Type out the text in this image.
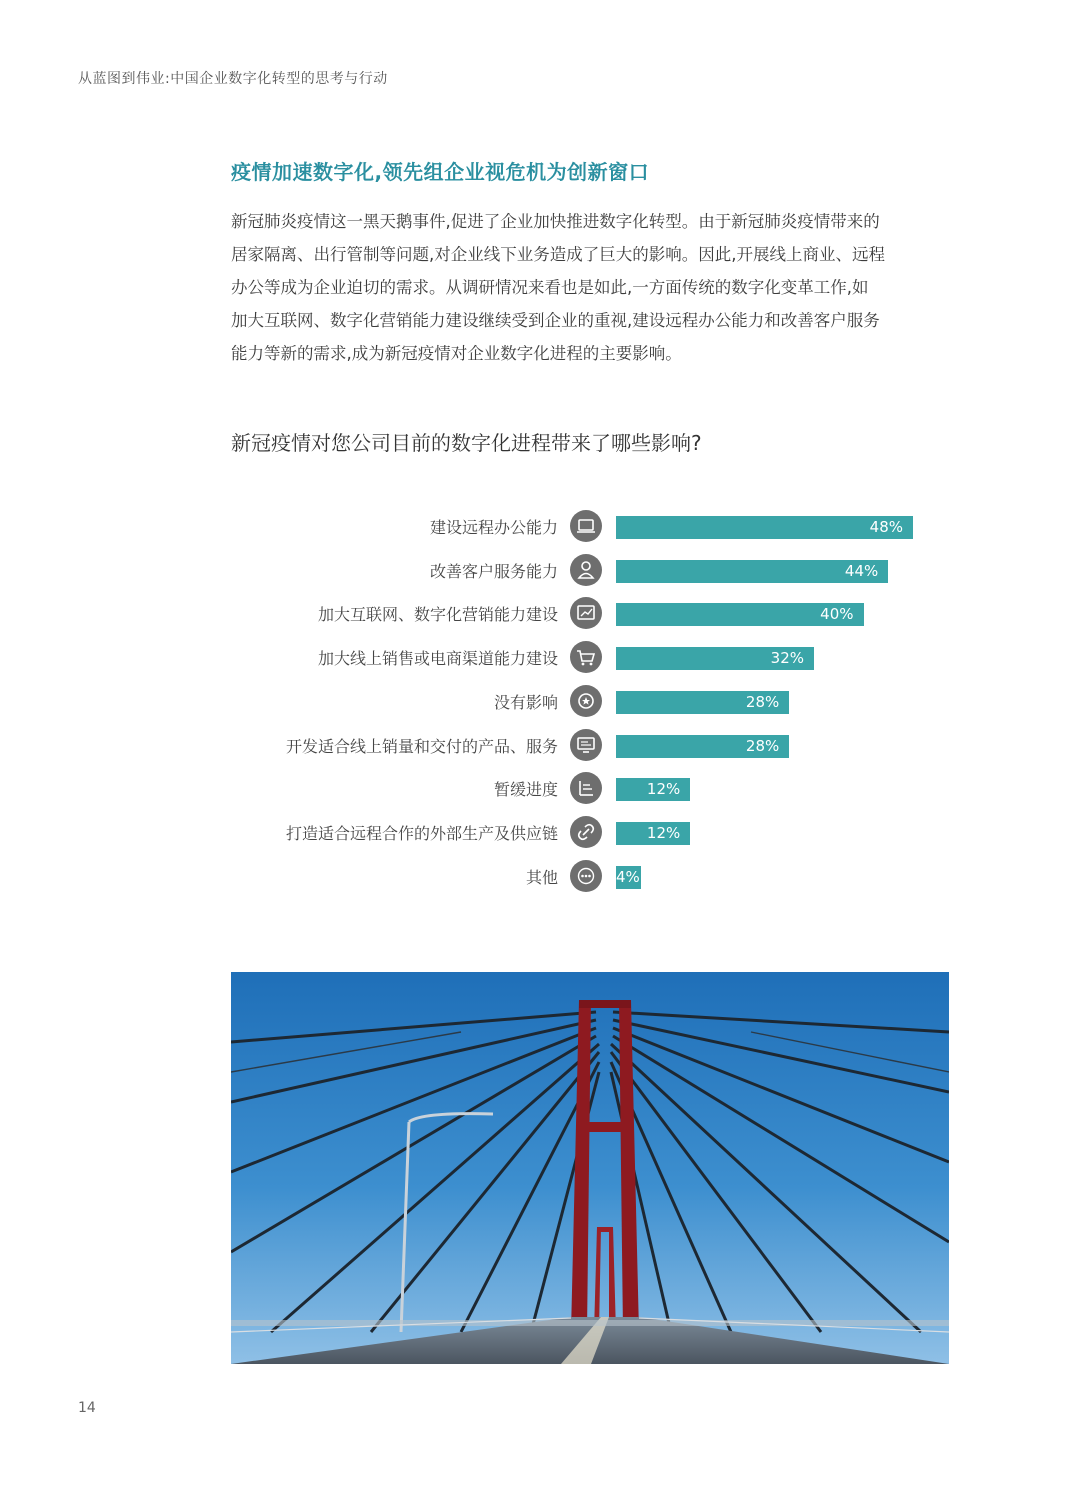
从蓝图到伟业:中国企业数字化转型的思考与行动
疫情加速数字化,领先组企业视危机为创新窗口

新冠肺炎疫情这一黑天鹅事件,促进了企业加快推进数字化转型。由于新冠肺炎疫情带来的

居家隔离、出行管制等问题,对企业线下业务造成了巨大的影响。因此,开展线上商业、远程

办公等成为企业迫切的需求。从调研情况来看也是如此,一方面传统的数字化变革工作,如

加大互联网、数字化营销能力建设继续受到企业的重视,建设远程办公能力和改善客户服务

能力等新的需求,成为新冠疫情对企业数字化进程的主要影响。

新冠疫情对您公司目前的数字化进程带来了哪些影响?
建设远程办公能力	48%
改善客户服务能力	44%
加大互联网、数字化营销能力建设	40%
加大线上销售或电商渠道能力建设	32%
没有影响	28%
开发适合线上销量和交付的产品、服务	28%
暂缓进度	12%
打造适合远程合作的外部生产及供应链	12%
其他	4%
14
